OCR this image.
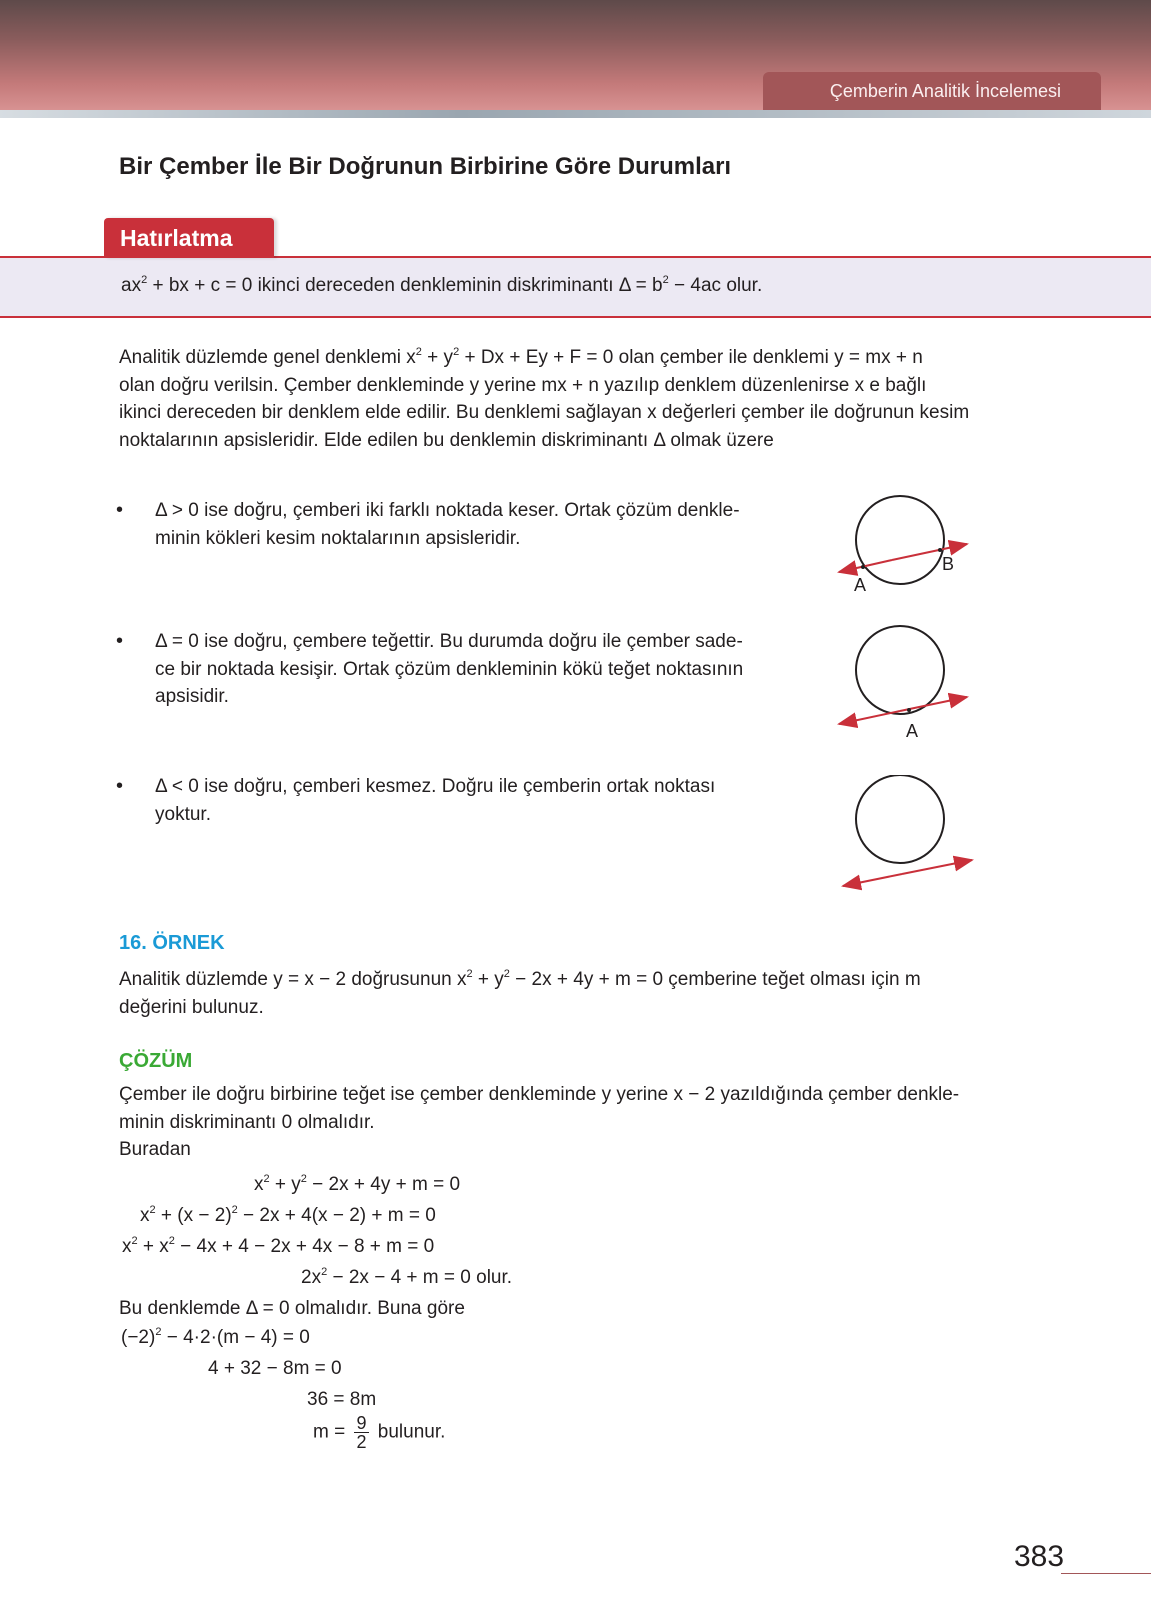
Çemberin Analitik İncelemesi
Bir Çember İle Bir Doğrunun Birbirine Göre Durumları
$ax^2$ + bx + c = 0 ikinci dereceden denkleminin diskriminantı $\Delta = b^2 - 4ac$ olur.
Hatırlatma
Analitik düzlemde genel denklemi $x^2 + y^2 + Dx + Ey + F = 0$ olan çember ile denklemi y = mx + n
olan doğru verilsin. Çember denkleminde y yerine mx + n yazılıp denklem düzenlenirse x e bağlı
ikinci dereceden bir denklem elde edilir. Bu denklemi sağlayan x değerleri çember ile doğrunun kesim
noktalarının apsisleridir. Elde edilen bu denklemin diskriminantı Δ olmak üzere
• Δ > 0 ise doğru, çemberi iki farklı noktada keser. Ortak çözüm denkle-
minin kökleri kesim noktalarının apsisleridir.
A
B
• Δ = 0 ise doğru, çembere teğettir. Bu durumda doğru ile çember sade-
ce bir noktada kesişir. Ortak çözüm denkleminin kökü teğet noktasının
apsisidir.
A
• Δ < 0 ise doğru, çemberi kesmez. Doğru ile çemberin ortak noktası
yoktur.
16. ÖRNEK
Analitik düzlemde y = x − 2 doğrusunun $x^2 + y^2 - 2x + 4y + m = 0$ çemberine teğet olması için m
değerini bulunuz.
ÇÖZÜM
Çember ile doğru birbirine teğet ise çember denkleminde y yerine x − 2 yazıldığında çember denkle-
minin diskriminantı 0 olmalıdır.
Buradan
$x^2 + y^2 - 2x + 4y + m = 0$
$x^2 + (x - 2)^2 - 2x + 4(x - 2) + m = 0$
$x^2 + x^2 - 4x + 4 - 2x + 4x - 8 + m = 0$
$2x^2 - 2x - 4 + m = 0$ olur.
Bu denklemde Δ = 0 olmalıdır. Buna göre
$(-2)^2 - 4\cdot 2\cdot(m - 4) = 0$
4 + 32 − 8m = 0
36 = 8m
$m = \frac{9}{2}$ bulunur.
383
